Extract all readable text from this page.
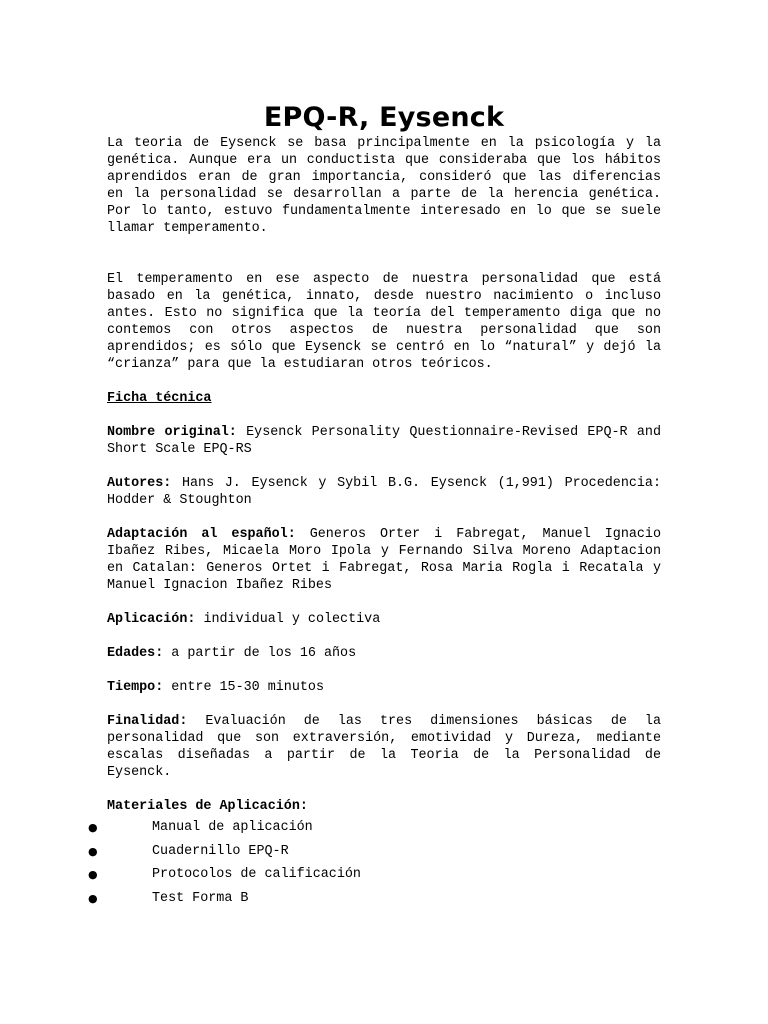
EPQ-R, Eysenck

La teoria de Eysenck se basa principalmente en la psicología y la genética. Aunque era un conductista que consideraba que los hábitos aprendidos eran de gran importancia, consideró que las diferencias en la personalidad se desarrollan a parte de la herencia genética. Por lo tanto, estuvo fundamentalmente interesado en lo que se suele llamar temperamento.

El temperamento en ese aspecto de nuestra personalidad que está basado en la genética, innato, desde nuestro nacimiento o incluso antes. Esto no significa que la teoría del temperamento diga que no contemos con otros aspectos de nuestra personalidad que son aprendidos; es sólo que Eysenck se centró en lo “natural” y dejó la “crianza” para que la estudiaran otros teóricos.

Ficha técnica

Nombre original: Eysenck Personality Questionnaire-Revised EPQ-R and Short Scale EPQ-RS

Autores: Hans J. Eysenck y Sybil B.G. Eysenck (1,991) Procedencia: Hodder & Stoughton

Adaptación al español: Generos Orter i Fabregat, Manuel Ignacio Ibañez Ribes, Micaela Moro Ipola y Fernando Silva Moreno Adaptacion en Catalan: Generos Ortet i Fabregat, Rosa Maria Rogla i Recatala y Manuel Ignacion Ibañez Ribes

Aplicación: individual y colectiva

Edades: a partir de los 16 años

Tiempo: entre 15-30 minutos

Finalidad: Evaluación de las tres dimensiones básicas de la personalidad que son extraversión, emotividad y Dureza, mediante escalas diseñadas a partir de la Teoria de la Personalidad de Eysenck.

Materiales de Aplicación:

●	Manual de aplicación
●	Cuadernillo EPQ-R
●	Protocolos de calificación
●	Test Forma B
